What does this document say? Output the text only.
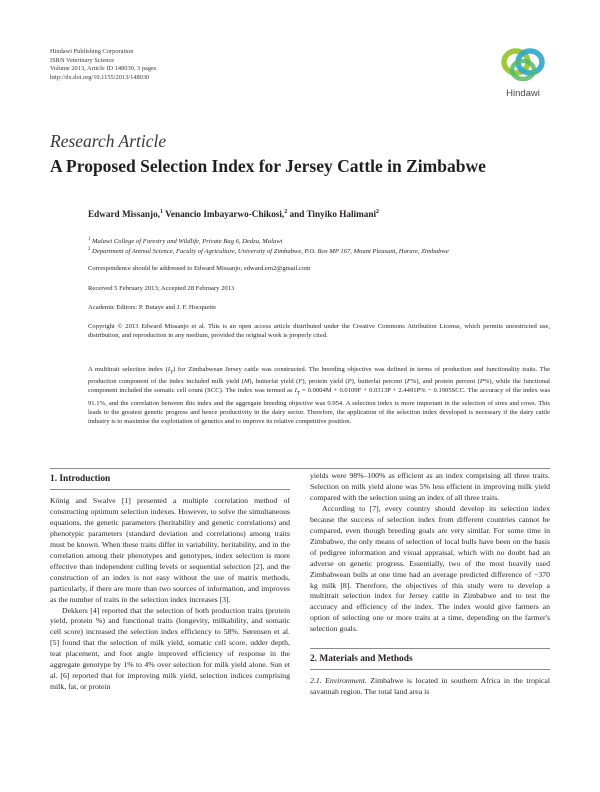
Hindawi Publishing Corporation
ISRN Veterinary Science
Volume 2013, Article ID 148030, 3 pages
http://dx.doi.org/10.1155/2013/148030
Hindawi
Research Article
A Proposed Selection Index for Jersey Cattle in Zimbabwe
Edward Missanjo,$^1$ Venancio Imbayarwo-Chikosi,$^2$ and Tinyiko Halimani$^2$
$^1$ Malawi College of Forestry and Wildlife, Private Bag 6, Dedza, Malawi
$^2$ Department of Animal Science, Faculty of Agriculture, University of Zimbabwe, P.O. Box MP 167, Mount Pleasant, Harare, Zimbabwe
Correspondence should be addressed to Edward Missanjo; edward.em2@gmail.com
Received 5 February 2013; Accepted 28 February 2013
Academic Editors: P. Butaye and J. F. Hocquette
Copyright © 2013 Edward Missanjo et al. This is an open access article distributed under the Creative Commons Attribution License, which permits unrestricted use, distribution, and reproduction in any medium, provided the original work is properly cited.
A multitrait selection index $(I_T)$ for Zimbabwean Jersey cattle was constructed. The breeding objective was defined in terms of production and functionality traits. The production component of the index included milk yield (M), butterfat yield (F), protein yield (P), butterfat percent (F%), and protein percent (P%), while the functional component included the somatic cell count (SCC). The index was termed as $I_T = 0.0004M + 0.0109F + 0.0313P + 2.4491P\% - 0.1905SCC$. The accuracy of the index was 91.1%, and the correlation between this index and the aggregate breeding objective was 0.954. A selection index is more important in the selection of sires and cows. This leads to the greatest genetic progress and hence productivity in the dairy sector. Therefore, the application of the selection index developed is necessary if the dairy cattle industry is to maximise the exploitation of genetics and to improve its relative competitive position.
1. Introduction

König and Swalve [1] presented a multiple correlation method of constructing optimum selection indexes. However, to solve the simultaneous equations, the genetic parameters (heritability and genetic correlations) and phenotypic parameters (standard deviation and correlations) among traits must be known. When these traits differ in variability, heritability, and in the correlation among their phenotypes and genotypes, index selection is more effective than independent culling levels or sequential selection [2], and the construction of an index is not easy without the use of matrix methods, particularly, if there are more than two sources of information, and improves as the number of traits in the selection index increases [3].

Dekkers [4] reported that the selection of both production traits (protein yield, protein %) and functional traits (longevity, milkability, and somatic cell score) increased the selection index efficiency to 58%. Sørensen et al. [5] found that the selection of milk yield, somatic cell score, udder depth, teat placement, and foot angle improved efficiency of response in the aggregate genotype by 1% to 4% over selection for milk yield alone. Sun et al. [6] reported that for improving milk yield, selection indices comprising milk, fat, or protein

yields were 98%–100% as efficient as an index comprising all three traits. Selection on milk yield alone was 5% less efficient in improving milk yield compared with the selection using an index of all three traits.

According to [7], every country should develop its selection index because the success of selection index from different countries cannot be compared, even though breeding goals are very similar. For some time in Zimbabwe, the only means of selection of local bulls have been on the basis of pedigree information and visual appraisal, which with no doubt had an adverse on genetic progress. Essentially, two of the most heavily used Zimbabwean bulls at one time had an average predicted difference of −370 kg milk [8]. Therefore, the objectives of this study were to develop a multitrait selection index for Jersey cattle in Zimbabwe and to test the accuracy and efficiency of the index. The index would give farmers an option of selecting one or more traits at a time, depending on the farmer's selection goals.

2. Materials and Methods

2.1. Environment. Zimbabwe is located in southern Africa in the tropical savannah region. The total land area is
